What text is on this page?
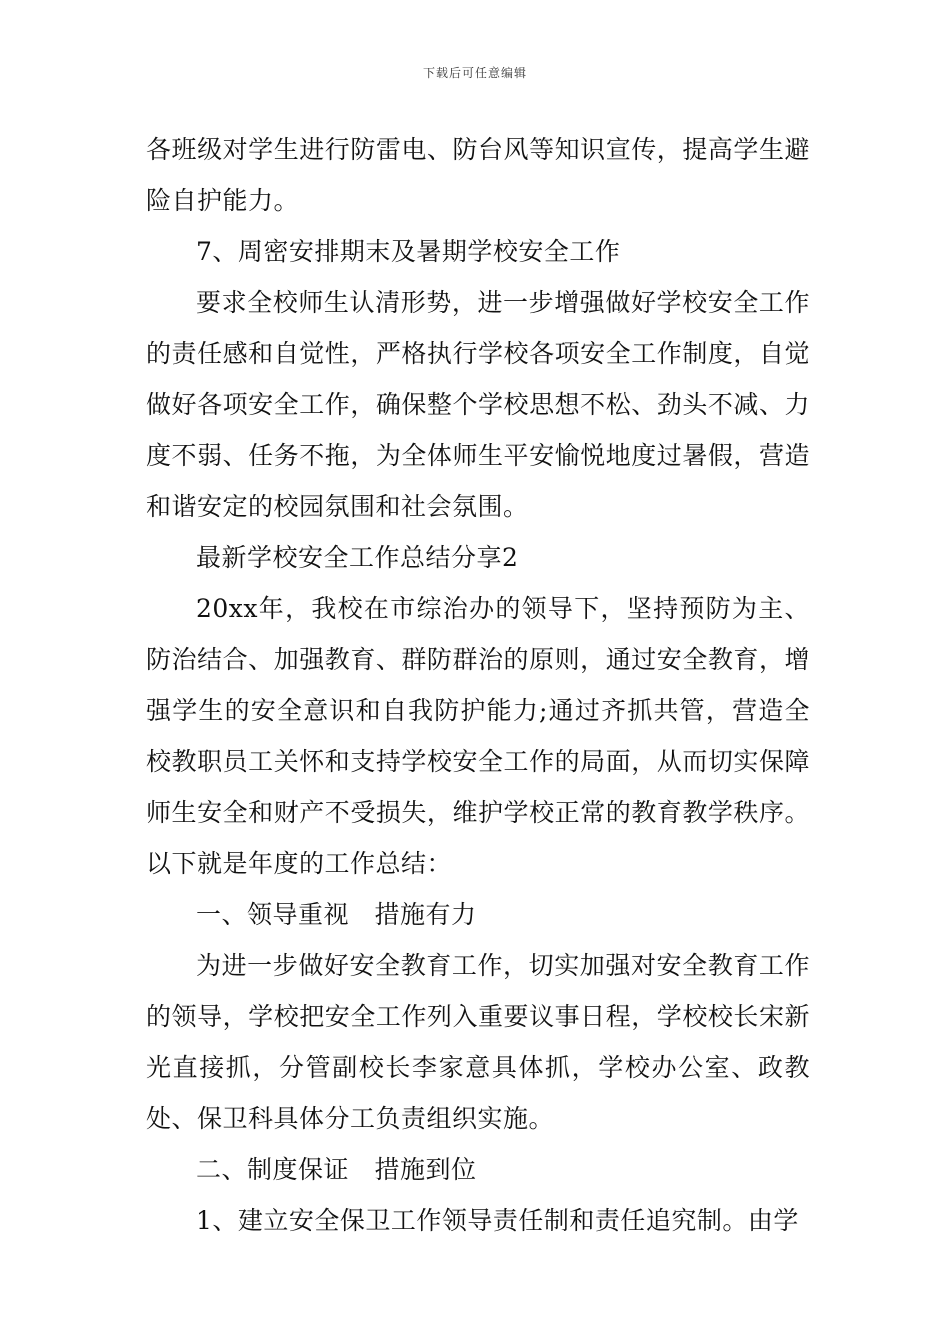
下载后可任意编辑

各班级对学生进行防雷电、防台风等知识宣传，提高学生避险自护能力。

7、周密安排期末及暑期学校安全工作

要求全校师生认清形势，进一步增强做好学校安全工作的责任感和自觉性，严格执行学校各项安全工作制度，自觉做好各项安全工作，确保整个学校思想不松、劲头不减、力度不弱、任务不拖，为全体师生平安愉悦地度过暑假，营造和谐安定的校园氛围和社会氛围。

最新学校安全工作总结分享2

20xx年，我校在市综治办的领导下，坚持预防为主、防治结合、加强教育、群防群治的原则，通过安全教育，增强学生的安全意识和自我防护能力;通过齐抓共管，营造全校教职员工关怀和支持学校安全工作的局面，从而切实保障师生安全和财产不受损失，维护学校正常的教育教学秩序。以下就是年度的工作总结：

一、领导重视　措施有力

为进一步做好安全教育工作，切实加强对安全教育工作的领导，学校把安全工作列入重要议事日程，学校校长宋新光直接抓，分管副校长李家意具体抓，学校办公室、政教处、保卫科具体分工负责组织实施。

二、制度保证　措施到位

1、建立安全保卫工作领导责任制和责任追究制。由学
